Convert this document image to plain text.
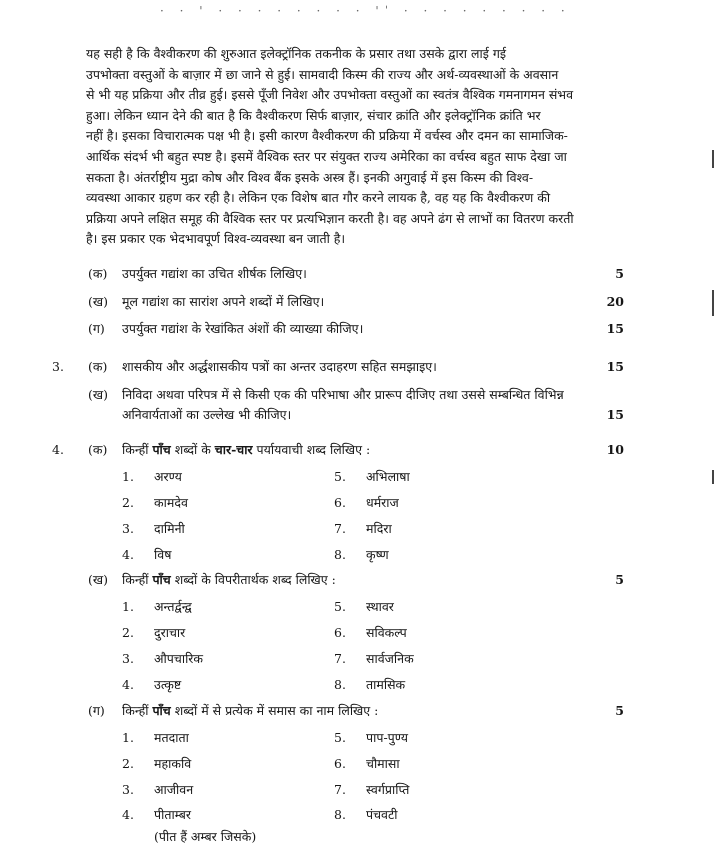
· · ' · · · · · · · · 'ˈ · · · · · · · · ·
यह सही है कि वैश्वीकरण की शुरुआत इलेक्ट्रॉनिक तकनीक के प्रसार तथा उसके द्वारा लाई गई
उपभोक्ता वस्तुओं के बाज़ार में छा जाने से हुई। सामवादी किस्म की राज्य और अर्थ-व्यवस्थाओं के अवसान
से भी यह प्रक्रिया और तीव्र हुई। इससे पूँजी निवेश और उपभोक्ता वस्तुओं का स्वतंत्र वैश्विक गमनागमन संभव
हुआ। लेकिन ध्यान देने की बात है कि वैश्वीकरण सिर्फ बाज़ार, संचार क्रांति और इलेक्ट्रॉनिक क्रांति भर
नहीं है। इसका विचारात्मक पक्ष भी है। इसी कारण वैश्वीकरण की प्रक्रिया में वर्चस्व और दमन का सामाजिक-
आर्थिक संदर्भ भी बहुत स्पष्ट है। इसमें वैश्विक स्तर पर संयुक्त राज्य अमेरिका का वर्चस्व बहुत साफ देखा जा
सकता है। अंतर्राष्ट्रीय मुद्रा कोष और विश्व बैंक इसके अस्त्र हैं। इनकी अगुवाई में इस किस्म की विश्व-
व्यवस्था आकार ग्रहण कर रही है। लेकिन एक विशेष बात गौर करने लायक है, वह यह कि वैश्वीकरण की
प्रक्रिया अपने लक्षित समूह की वैश्विक स्तर पर प्रत्यभिज्ञान करती है। वह अपने ढंग से लाभों का वितरण करती
है। इस प्रकार एक भेदभावपूर्ण विश्व-व्यवस्था बन जाती है।
(क) उपर्युक्त गद्यांश का उचित शीर्षक लिखिए।	5
(ख) मूल गद्यांश का सारांश अपने शब्दों में लिखिए।	20
(ग) उपर्युक्त गद्यांश के रेखांकित अंशों की व्याख्या कीजिए।	15
3. (क) शासकीय और अर्द्धशासकीय पत्रों का अन्तर उदाहरण सहित समझाइए।	15
(ख) निविदा अथवा परिपत्र में से किसी एक की परिभाषा और प्रारूप दीजिए तथा उससे सम्बन्धित विभिन्न
अनिवार्यताओं का उल्लेख भी कीजिए।	15
4. (क) किन्हीं पाँच शब्दों के चार-चार पर्यायवाची शब्द लिखिए :	10
1. अरण्य	5. अभिलाषा
2. कामदेव	6. धर्मराज
3. दामिनी	7. मदिरा
4. विष	8. कृष्ण
(ख) किन्हीं पाँच शब्दों के विपरीतार्थक शब्द लिखिए :	5
1. अन्तर्द्वन्द्व	5. स्थावर
2. दुराचार	6. सविकल्प
3. औपचारिक	7. सार्वजनिक
4. उत्कृष्ट	8. तामसिक
(ग) किन्हीं पाँच शब्दों में से प्रत्येक में समास का नाम लिखिए :	5
1. मतदाता	5. पाप-पुण्य
2. महाकवि	6. चौमासा
3. आजीवन	7. स्वर्गप्राप्ति
4. पीताम्बर	8. पंचवटी
(पीत हैं अम्बर जिसके)
